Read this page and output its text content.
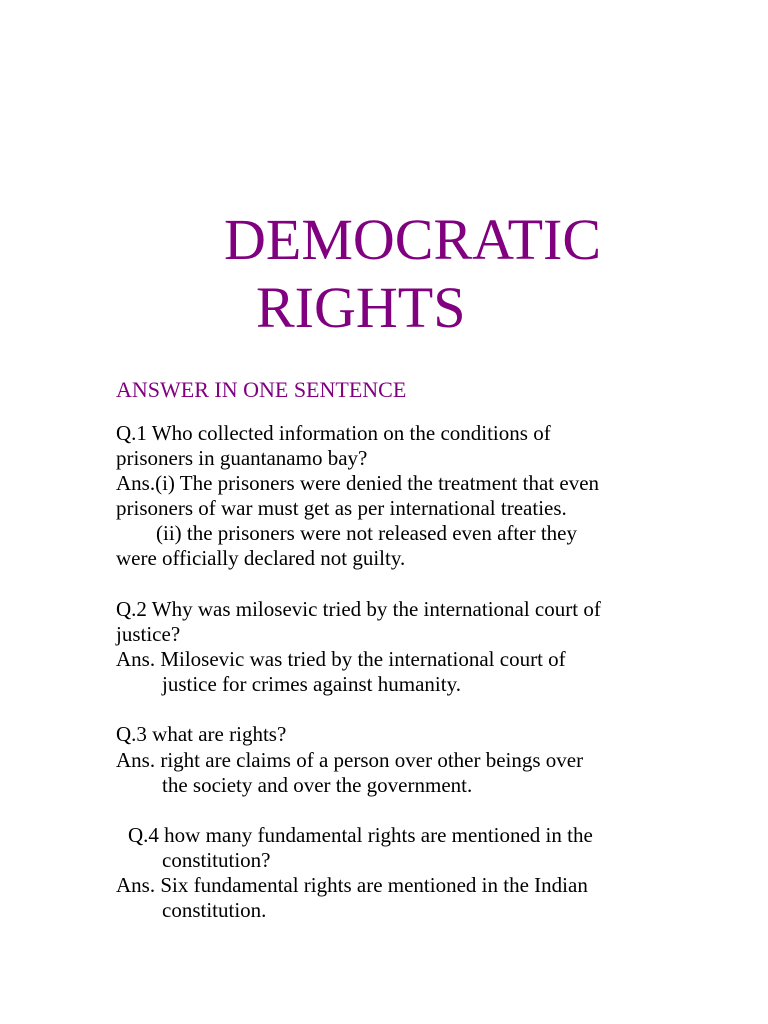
DEMOCRATIC
RIGHTS
ANSWER IN ONE SENTENCE
Q.1 Who collected information on the conditions of
prisoners in guantanamo bay?
Ans.(i) The prisoners were denied the treatment that even
prisoners of war must get as per international treaties.
(ii) the prisoners were not released even after they
were officially declared not guilty.
Q.2 Why was milosevic tried by the international court of
justice?
Ans. Milosevic was tried by the international court of
justice for crimes against humanity.
Q.3 what are rights?
Ans. right are claims of a person over other beings over
the society and over the government.
Q.4 how many fundamental rights are mentioned in the
constitution?
Ans. Six fundamental rights are mentioned in the Indian
constitution.
